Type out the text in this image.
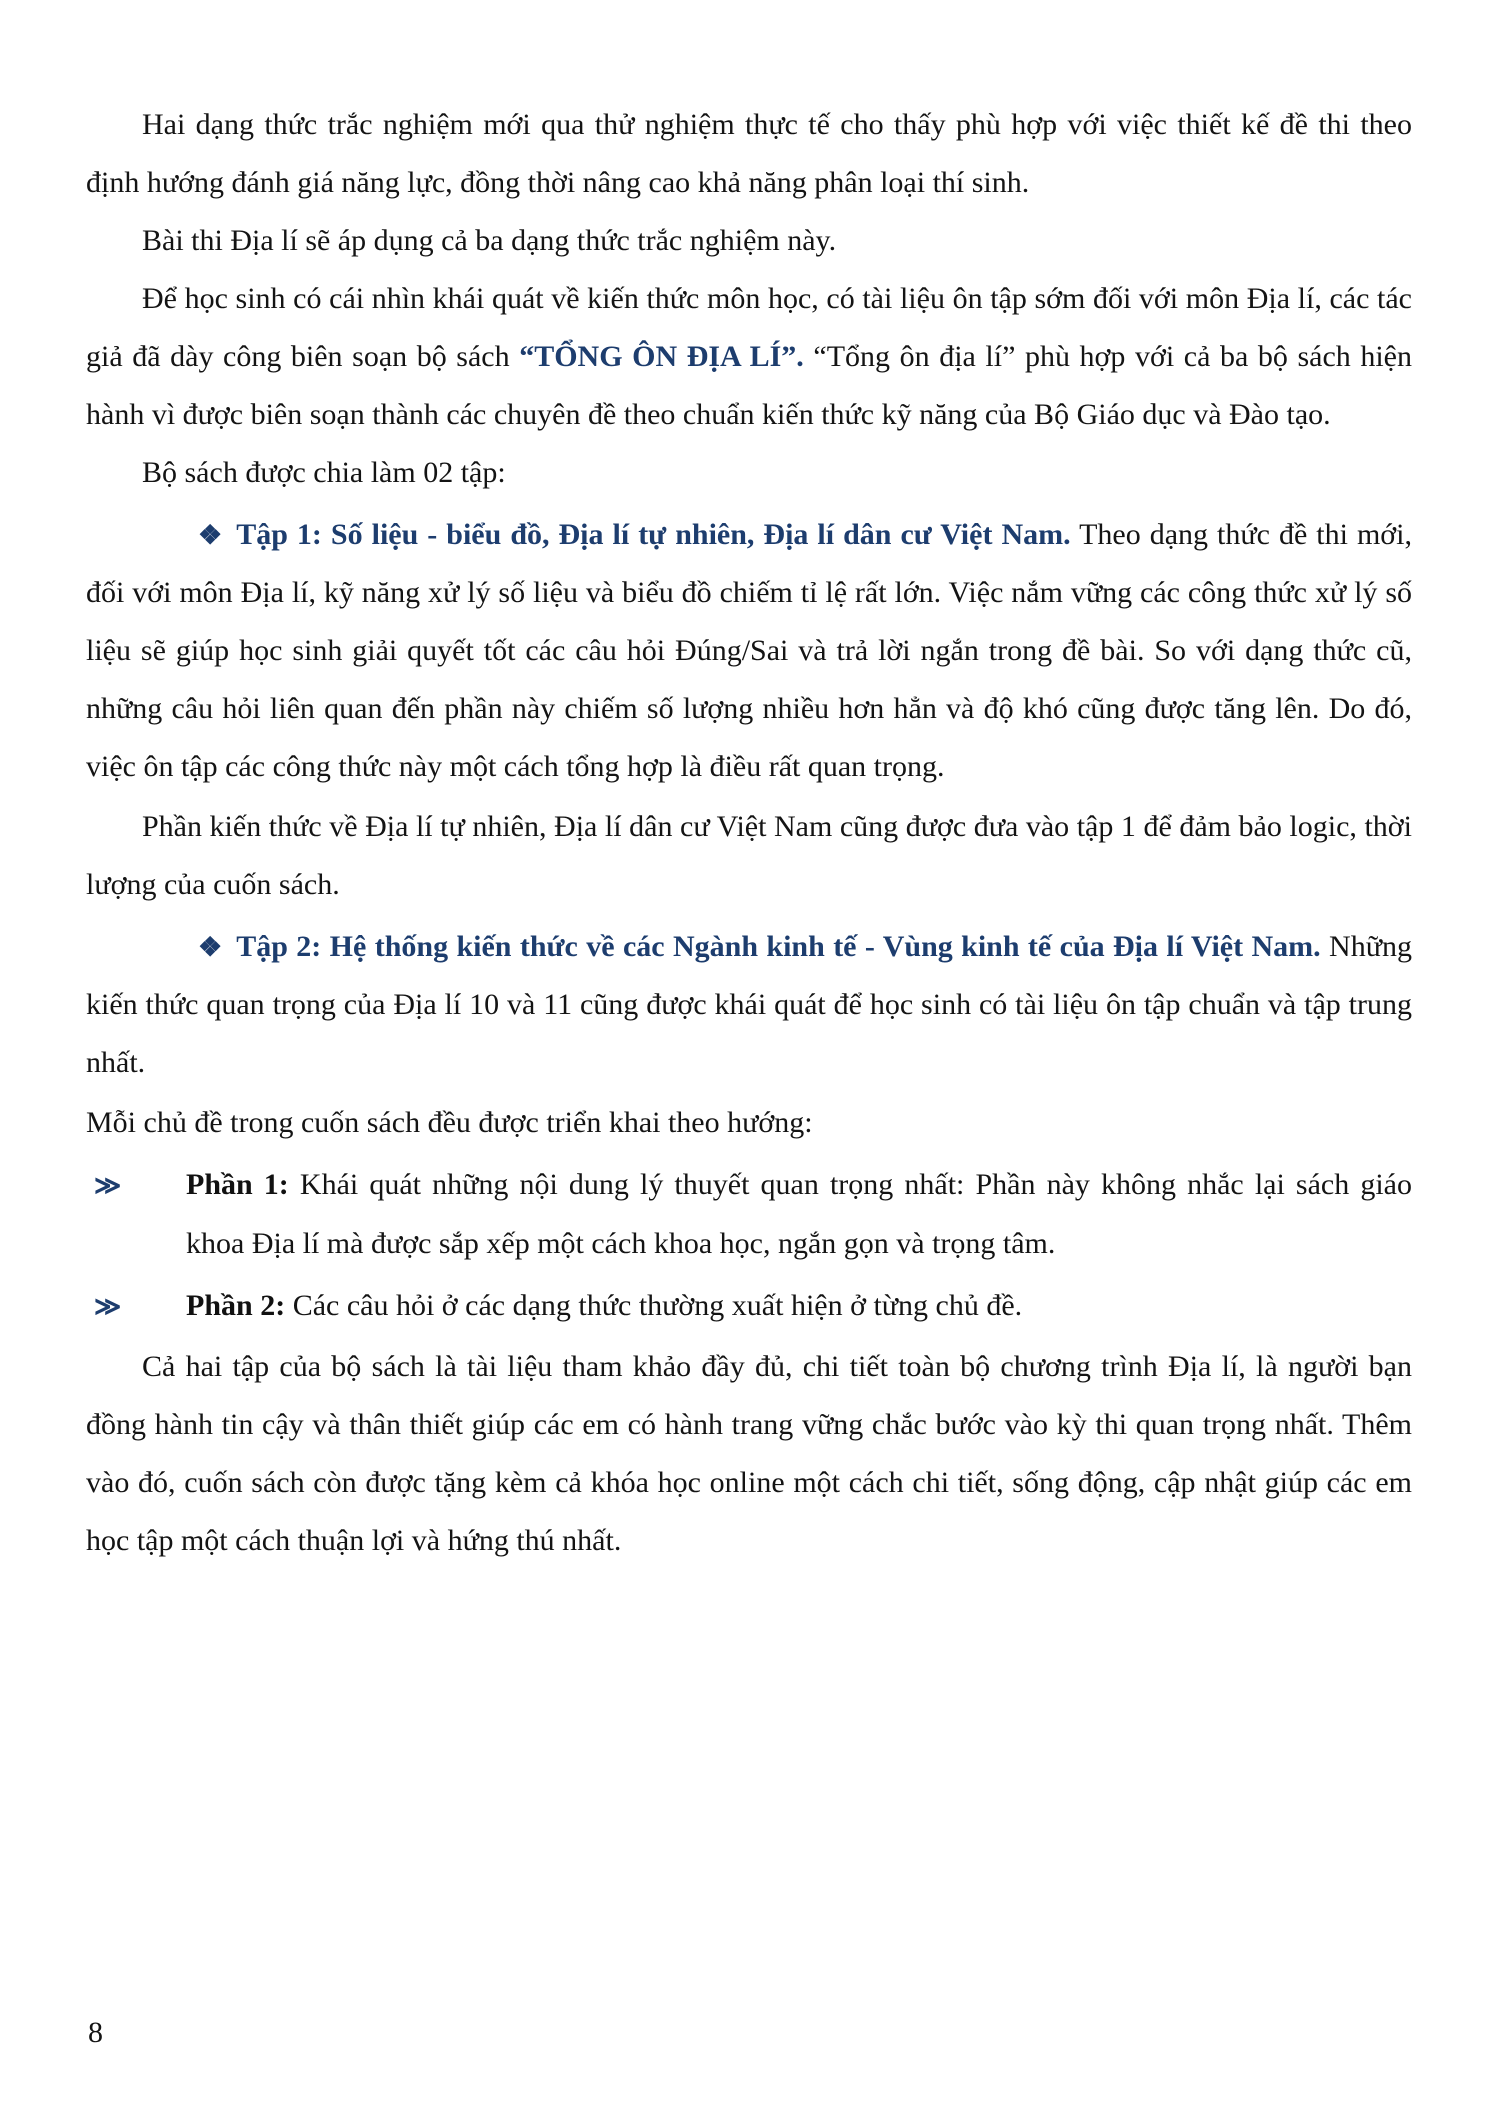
Hai dạng thức trắc nghiệm mới qua thử nghiệm thực tế cho thấy phù hợp với việc thiết kế đề thi theo định hướng đánh giá năng lực, đồng thời nâng cao khả năng phân loại thí sinh.

Bài thi Địa lí sẽ áp dụng cả ba dạng thức trắc nghiệm này.

Để học sinh có cái nhìn khái quát về kiến thức môn học, có tài liệu ôn tập sớm đối với môn Địa lí, các tác giả đã dày công biên soạn bộ sách “TỔNG ÔN ĐỊA LÍ”. “Tổng ôn địa lí” phù hợp với cả ba bộ sách hiện hành vì được biên soạn thành các chuyên đề theo chuẩn kiến thức kỹ năng của Bộ Giáo dục và Đào tạo.

Bộ sách được chia làm 02 tập:

❖ Tập 1: Số liệu - biểu đồ, Địa lí tự nhiên, Địa lí dân cư Việt Nam. Theo dạng thức đề thi mới, đối với môn Địa lí, kỹ năng xử lý số liệu và biểu đồ chiếm tỉ lệ rất lớn. Việc nắm vững các công thức xử lý số liệu sẽ giúp học sinh giải quyết tốt các câu hỏi Đúng/Sai và trả lời ngắn trong đề bài. So với dạng thức cũ, những câu hỏi liên quan đến phần này chiếm số lượng nhiều hơn hẳn và độ khó cũng được tăng lên. Do đó, việc ôn tập các công thức này một cách tổng hợp là điều rất quan trọng.

Phần kiến thức về Địa lí tự nhiên, Địa lí dân cư Việt Nam cũng được đưa vào tập 1 để đảm bảo logic, thời lượng của cuốn sách.

❖ Tập 2: Hệ thống kiến thức về các Ngành kinh tế - Vùng kinh tế của Địa lí Việt Nam. Những kiến thức quan trọng của Địa lí 10 và 11 cũng được khái quát để học sinh có tài liệu ôn tập chuẩn và tập trung nhất.

Mỗi chủ đề trong cuốn sách đều được triển khai theo hướng:

≫ Phần 1: Khái quát những nội dung lý thuyết quan trọng nhất: Phần này không nhắc lại sách giáo khoa Địa lí mà được sắp xếp một cách khoa học, ngắn gọn và trọng tâm.

≫ Phần 2: Các câu hỏi ở các dạng thức thường xuất hiện ở từng chủ đề.

Cả hai tập của bộ sách là tài liệu tham khảo đầy đủ, chi tiết toàn bộ chương trình Địa lí, là người bạn đồng hành tin cậy và thân thiết giúp các em có hành trang vững chắc bước vào kỳ thi quan trọng nhất. Thêm vào đó, cuốn sách còn được tặng kèm cả khóa học online một cách chi tiết, sống động, cập nhật giúp các em học tập một cách thuận lợi và hứng thú nhất.

8
